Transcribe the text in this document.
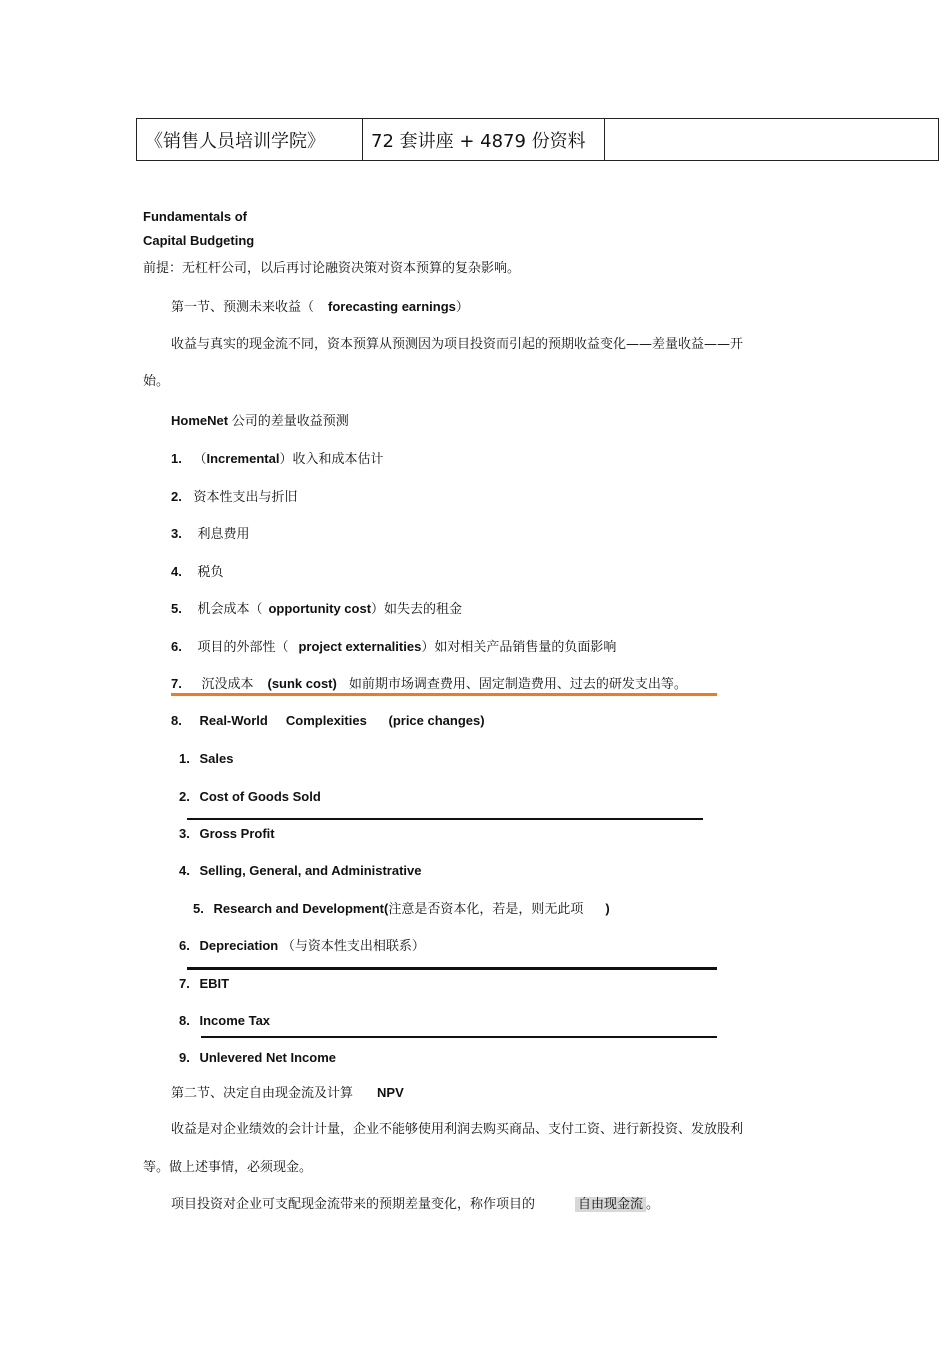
《销售人员培训学院》	72 套讲座 + 4879 份资料	
Fundamentals of
Capital Budgeting
前提：无杠杆公司，以后再讨论融资决策对资本预算的复杂影响。
第一节、预测未来收益（ forecasting earnings）
收益与真实的现金流不同，资本预算从预测因为项目投资而引起的预期收益变化——差量收益——开
始。
HomeNet 公司的差量收益预测
1. （Incremental）收入和成本估计
2. 资本性支出与折旧
3. 利息费用
4. 税负
5. 机会成本（ opportunity cost）如失去的租金
6. 项目的外部性（ project externalities）如对相关产品销售量的负面影响
7. 沉没成本 (sunk cost) 如前期市场调查费用、固定制造费用、过去的研发支出等。
8. Real-World     Complexities      (price changes)
1. Sales
2. Cost of Goods Sold
3. Gross Profit
4. Selling, General, and Administrative
5. Research and Development(注意是否资本化，若是，则无此项 )
6. Depreciation （与资本性支出相联系）
7. EBIT
8. Income Tax
9. Unlevered Net Income
第二节、决定自由现金流及计算 NPV
收益是对企业绩效的会计计量，企业不能够使用利润去购买商品、支付工资、进行新投资、发放股利
等。做上述事情，必须现金。
项目投资对企业可支配现金流带来的预期差量变化，称作项目的	自由现金流 。
